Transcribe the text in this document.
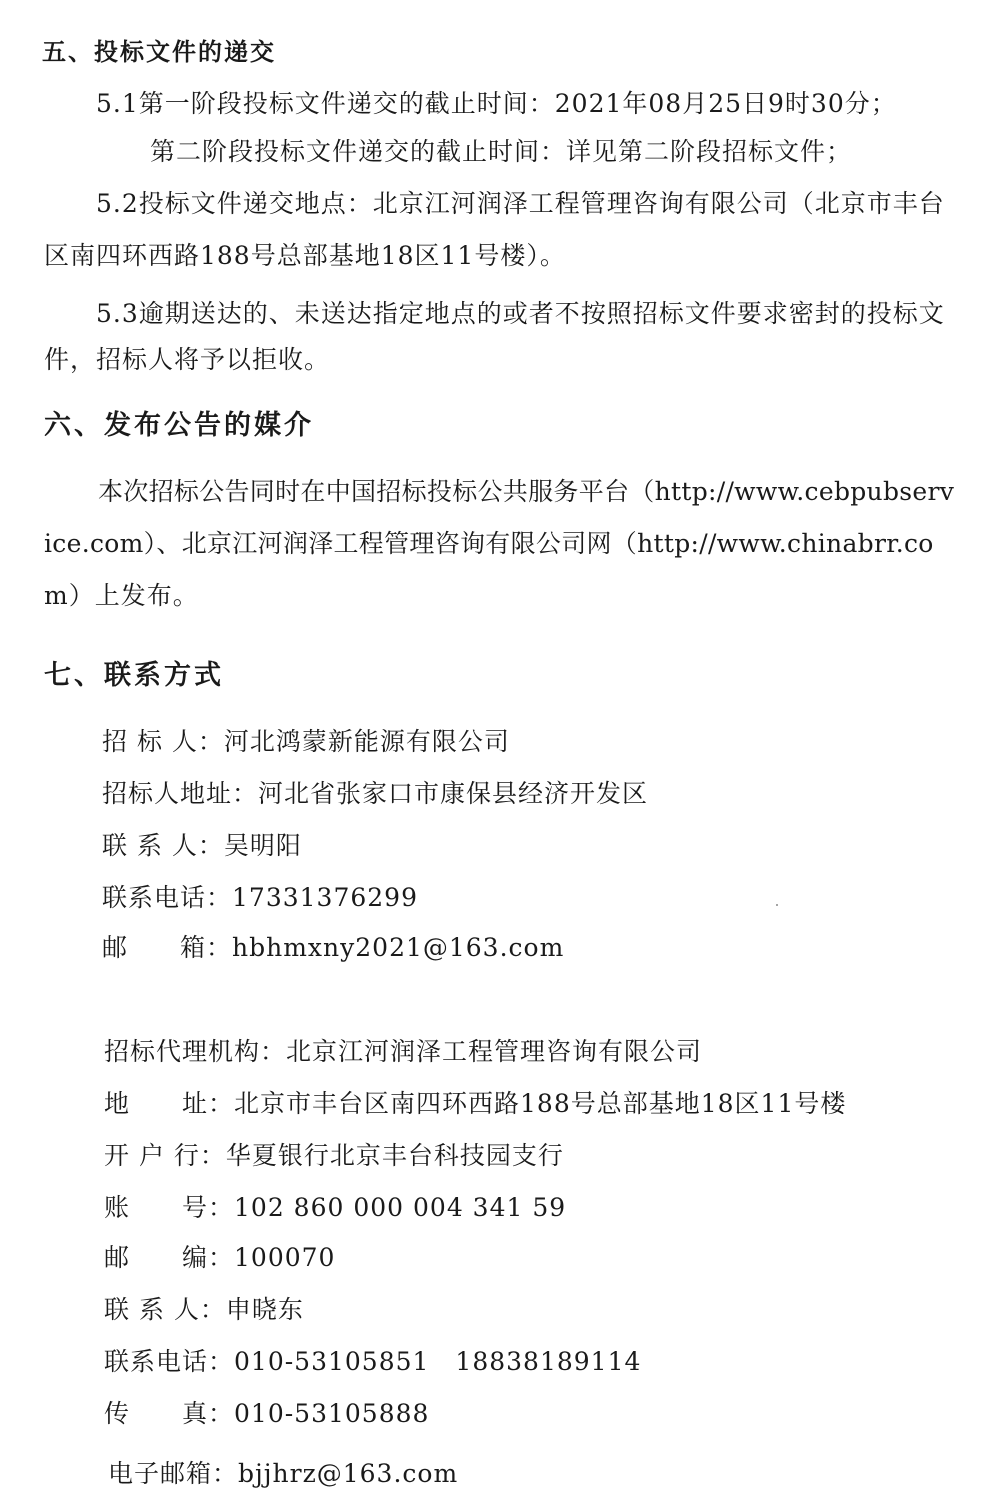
五、投标文件的递交
5.1第一阶段投标文件递交的截止时间：2021年08月25日9时30分；
第二阶段投标文件递交的截止时间：详见第二阶段招标文件；
5.2投标文件递交地点：北京江河润泽工程管理咨询有限公司（北京市丰台
区南四环西路188号总部基地18区11号楼）。
5.3逾期送达的、未送达指定地点的或者不按照招标文件要求密封的投标文
件，招标人将予以拒收。
六、发布公告的媒介
本次招标公告同时在中国招标投标公共服务平台（http://www.cebpubserv
ice.com）、北京江河润泽工程管理咨询有限公司网（http://www.chinabrr.co
m）上发布。
七、联系方式
招 标 人：河北鸿蒙新能源有限公司
招标人地址：河北省张家口市康保县经济开发区
联 系 人：吴明阳
联系电话：17331376299
邮　　箱：hbhmxny2021@163.com
招标代理机构：北京江河润泽工程管理咨询有限公司
地　　址：北京市丰台区南四环西路188号总部基地18区11号楼
开 户 行：华夏银行北京丰台科技园支行
账　　号：102 860 000 004 341 59
邮　　编：100070
联 系 人：申晓东
联系电话：010-53105851　18838189114
传　　真：010-53105888
电子邮箱：bjjhrz@163.com
